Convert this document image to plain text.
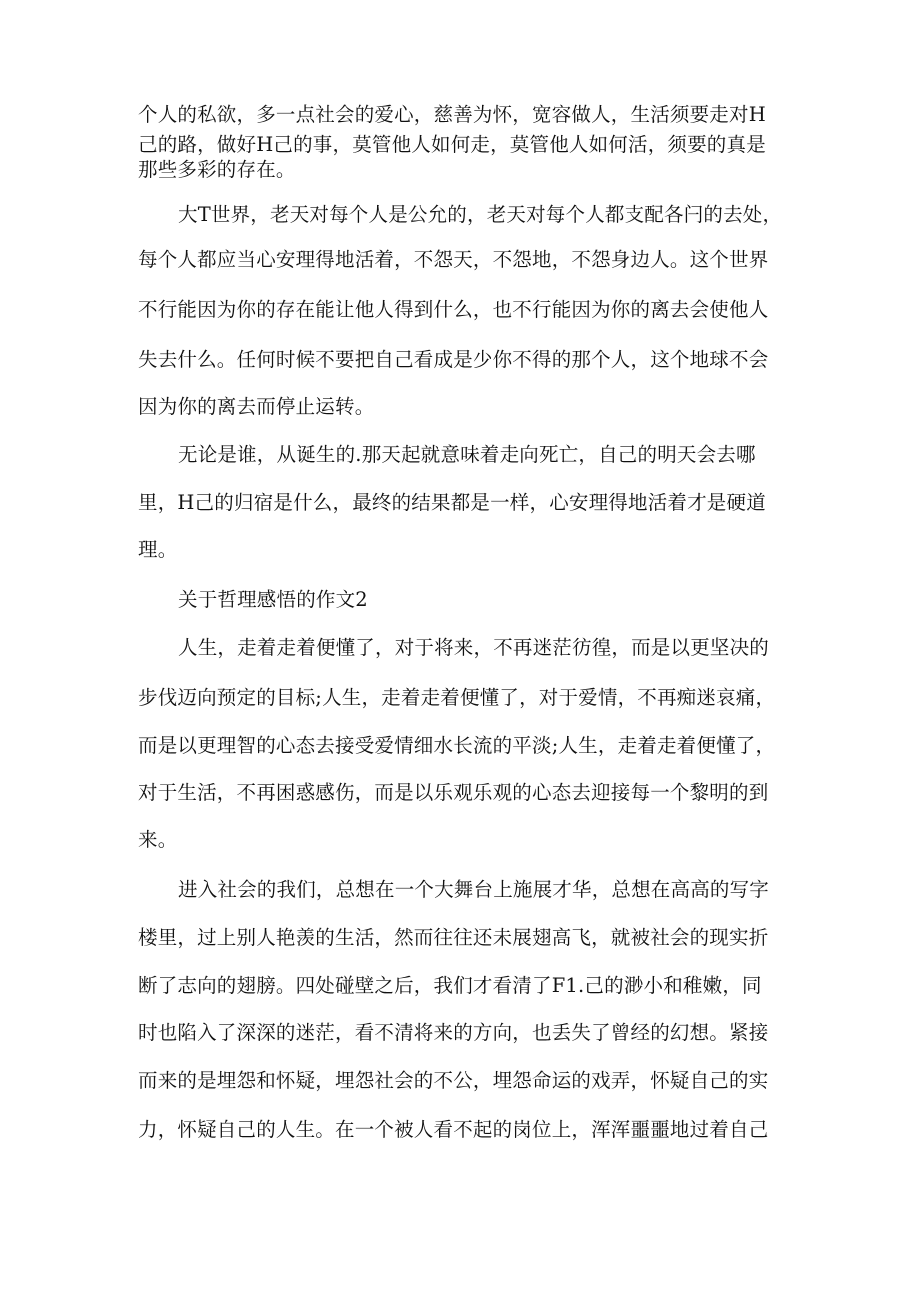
个人的私欲，多一点社会的爱心，慈善为怀，宽容做人，生活须要走对H
己的路，做好H己的事，莫管他人如何走，莫管他人如何活，须要的真是
那些多彩的存在。
大T世界，老天对每个人是公允的，老天对每个人都支配各闩的去处，
每个人都应当心安理得地活着，不怨天，不怨地，不怨身边人。这个世界
不行能因为你的存在能让他人得到什么，也不行能因为你的离去会使他人
失去什么。任何时候不要把自己看成是少你不得的那个人，这个地球不会
因为你的离去而停止运转。
无论是谁，从诞生的.那天起就意味着走向死亡，自己的明天会去哪
里，H己的归宿是什么，最终的结果都是一样，心安理得地活着才是硬道
理。
关于哲理感悟的作文2
人生，走着走着便懂了，对于将来，不再迷茫彷徨，而是以更坚决的
步伐迈向预定的目标;人生，走着走着便懂了，对于爱情，不再痴迷哀痛，
而是以更理智的心态去接受爱情细水长流的平淡;人生，走着走着便懂了，
对于生活，不再困惑感伤，而是以乐观乐观的心态去迎接每一个黎明的到
来。
进入社会的我们，总想在一个大舞台上施展才华，总想在高高的写字
楼里，过上别人艳羡的生活，然而往往还未展翅高飞，就被社会的现实折
断了志向的翅膀。四处碰壁之后，我们才看清了F1.己的渺小和稚嫩，同
时也陷入了深深的迷茫，看不清将来的方向，也丢失了曾经的幻想。紧接
而来的是埋怨和怀疑，埋怨社会的不公，埋怨命运的戏弄，怀疑自己的实
力，怀疑自己的人生。在一个被人看不起的岗位上，浑浑噩噩地过着自己
